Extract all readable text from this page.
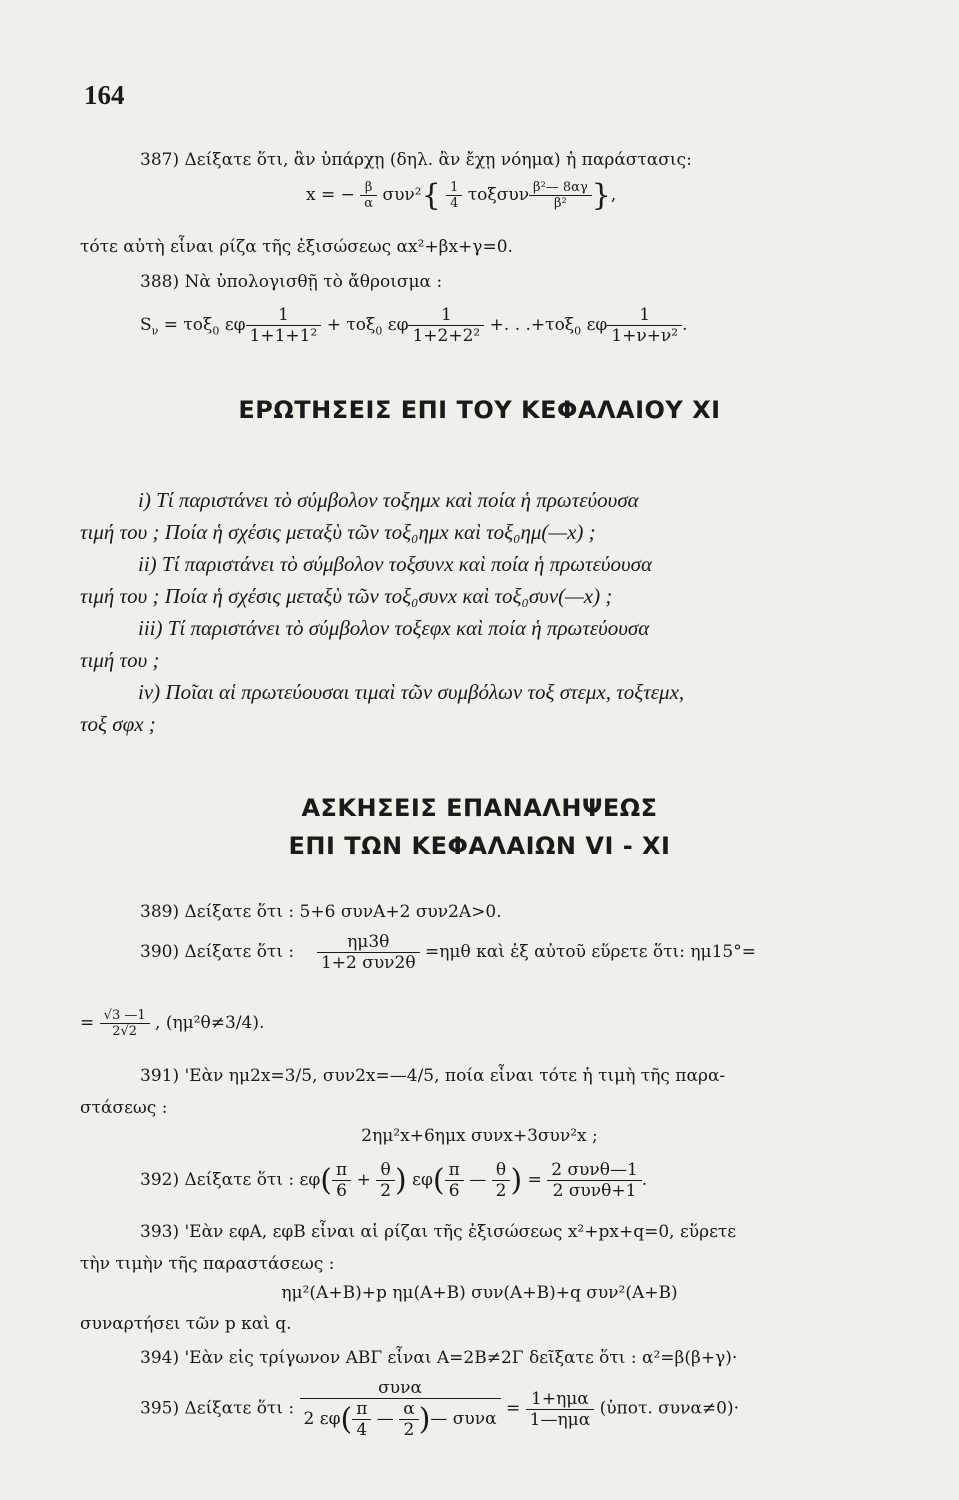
164
387) Δείξατε ὅτι, ἂν ὑπάρχῃ (δηλ. ἂν ἔχῃ νόημα) ἡ παράστασις:
x = − $\frac{\beta}{\alpha} \sigma\upsilon\nu^2\{ \frac{1}{4}$ τοξσυν $\frac{\text{β²— 8αγ}}{\text{β²}}$ },
τότε αὐτὴ εἶναι ρίζα τῆς ἐξισώσεως αx²+βx+γ=0.
388) Νὰ ὑπολογισθῇ τὸ ἄθροισμα :
$S_\nu = \tau o\xi_0$ εφ $\frac{1}{\text{1+1+1²}} + \tau o\xi_0$ εφ $\frac{1}{\text{1+2+2²}}$ +. . .+τοξ$_0$ εφ $\frac{1}{\text{1+ν+ν²}}$ .
ΕΡΩΤΗΣΕΙΣ ΕΠΙ ΤΟΥ ΚΕΦΑΛΑΙΟΥ XI
i) Τί παριστάνει τὸ σύμβολον τοξημx καὶ ποία ἡ πρωτεύουσα
τιμή του ; Ποία ἡ σχέσις μεταξὺ τῶν τοξ₀ημx καὶ τοξ₀ημ(—x) ;
ii) Τί παριστάνει τὸ σύμβολον τοξσυνx καὶ ποία ἡ πρωτεύουσα
τιμή του ; Ποία ἡ σχέσις μεταξὺ τῶν τοξ₀συνx καὶ τοξ₀συν(—x) ;
iii) Τί παριστάνει τὸ σύμβολον τοξεφx καὶ ποία ἡ πρωτεύουσα
τιμή του ;
iv) Ποῖαι αἱ πρωτεύουσαι τιμαὶ τῶν συμβόλων τοξ στεμx, τοξτεμx,
τοξ σφx ;
ΑΣΚΗΣΕΙΣ ΕΠΑΝΑΛΗΨΕΩΣ
ΕΠΙ ΤΩΝ ΚΕΦΑΛΑΙΩΝ VI - XI
389) Δείξατε ὅτι : 5+6 συνA+2 συν2A>0.
390) Δείξατε ὅτι : $\frac{\eta\mu 3\theta}{\text{1+2 συν2θ}} =\eta\mu\theta$ καὶ ἐξ αὐτοῦ εὕρετε ὅτι: ημ15°=
= $\frac{√3 —1}{2√2}$ , (ημ²θ≠3/4).
391) 'Εὰν ημ2x=3/5, συν2x=—4/5, ποία εἶναι τότε ἡ τιμὴ τῆς παρα-
στάσεως :
2ημ²x+6ημx συνx+3συν²x ;
392) Δείξατε ὅτι : $\varepsilon\varphi( \frac{\pi}{6} + \frac{\theta}{2}$ ) $\varepsilon\varphi( \frac{\pi}{6}$ — $\frac{\theta}{2}$ ) = $\frac{\text{2 συνθ—1}}{\text{2 συνθ+1}}$ .
393) 'Εὰν εφA, εφB εἶναι αἱ ρίζαι τῆς ἐξισώσεως x²+px+q=0, εὕρετε
τὴν τιμὴν τῆς παραστάσεως :
ημ²(A+B)+p ημ(A+B) συν(A+B)+q συν²(A+B)
συναρτήσει τῶν p καὶ q.
394) 'Εὰν εἰς τρίγωνον ΑΒΓ εἶναι Α=2Β≠2Γ δεῖξατε ὅτι : α²=β(β+γ)·
395) Δείξατε ὅτι : $\frac{\text{συνα}}{2 \varepsilon\varphi( \frac{\pi}{4} — \frac{\alpha}{2} )— \sigma\upsilon\nu\alpha} = \frac{\text{1+ημα}}{\text{1—ημα}}$ (ὑποτ. συνα≠0)·
